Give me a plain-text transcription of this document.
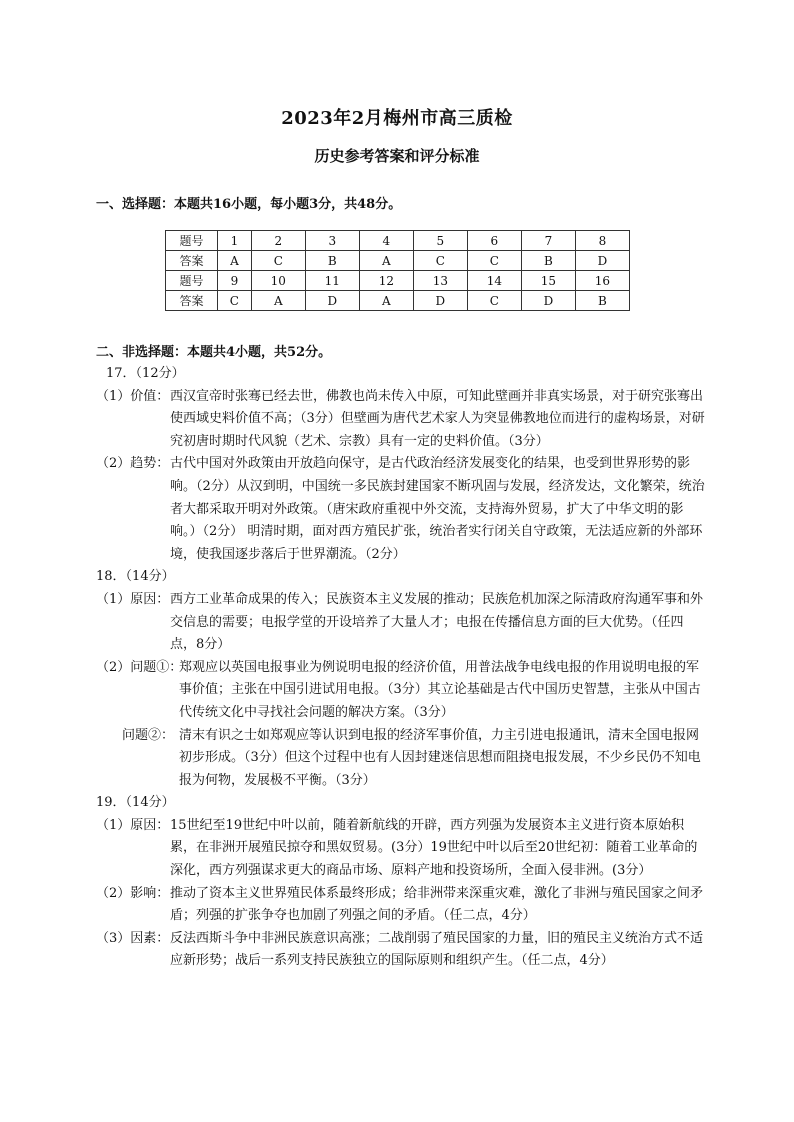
2023年2月梅州市高三质检
历史参考答案和评分标准
一、选择题：本题共16小题，每小题3分，共48分。
题号	1	2	3	4	5	6	7	8
答案	A	C	B	A	C	C	B	D
题号	9	10	11	12	13	14	15	16
答案	C	A	D	A	D	C	D	B
二、非选择题：本题共4小题，共52分。

17．（12分）

（1）价值： 西汉宣帝时张骞已经去世，佛教也尚未传入中原，可知此壁画并非真实场景，对于研究张骞出使西域史料价值不高；（3分）但壁画为唐代艺术家人为突显佛教地位而进行的虚构场景，对研究初唐时期时代风貌（艺术、宗教）具有一定的史料价值。（3分）

（2）趋势： 古代中国对外政策由开放趋向保守，是古代政治经济发展变化的结果，也受到世界形势的影响。（2分）从汉到明，中国统一多民族封建国家不断巩固与发展，经济发达，文化繁荣，统治者大都采取开明对外政策。（唐宋政府重视中外交流，支持海外贸易，扩大了中华文明的影响。）（2分） 明清时期，面对西方殖民扩张，统治者实行闭关自守政策，无法适应新的外部环境，使我国逐步落后于世界潮流。（2分）

18．（14分）

（1）原因： 西方工业革命成果的传入；民族资本主义发展的推动；民族危机加深之际清政府沟通军事和外交信息的需要；电报学堂的开设培养了大量人才；电报在传播信息方面的巨大优势。（任四点，8分）

（2）问题①：

郑观应以英国电报事业为例说明电报的经济价值，用普法战争电线电报的作用说明电报的军事价值；主张在中国引进试用电报。（3分）其立论基础是古代中国历史智慧，主张从中国古代传统文化中寻找社会问题的解决方案。（3分）

问题②： 清末有识之士如郑观应等认识到电报的经济军事价值，力主引进电报通讯，清末全国电报网初步形成。（3分）但这个过程中也有人因封建迷信思想而阻挠电报发展，不少乡民仍不知电报为何物，发展极不平衡。（3分）

19．（14分）

（1）原因： 15世纪至19世纪中叶以前，随着新航线的开辟，西方列强为发展资本主义进行资本原始积累，在非洲开展殖民掠夺和黑奴贸易。(3分）19世纪中叶以后至20世纪初：随着工业革命的深化，西方列强谋求更大的商品市场、原料产地和投资场所，全面入侵非洲。(3分）

（2）影响： 推动了资本主义世界殖民体系最终形成；给非洲带来深重灾难，激化了非洲与殖民国家之间矛盾；列强的扩张争夺也加剧了列强之间的矛盾。（任二点，4分）

（3）因素： 反法西斯斗争中非洲民族意识高涨；二战削弱了殖民国家的力量，旧的殖民主义统治方式不适应新形势；战后一系列支持民族独立的国际原则和组织产生。（任二点，4分）
